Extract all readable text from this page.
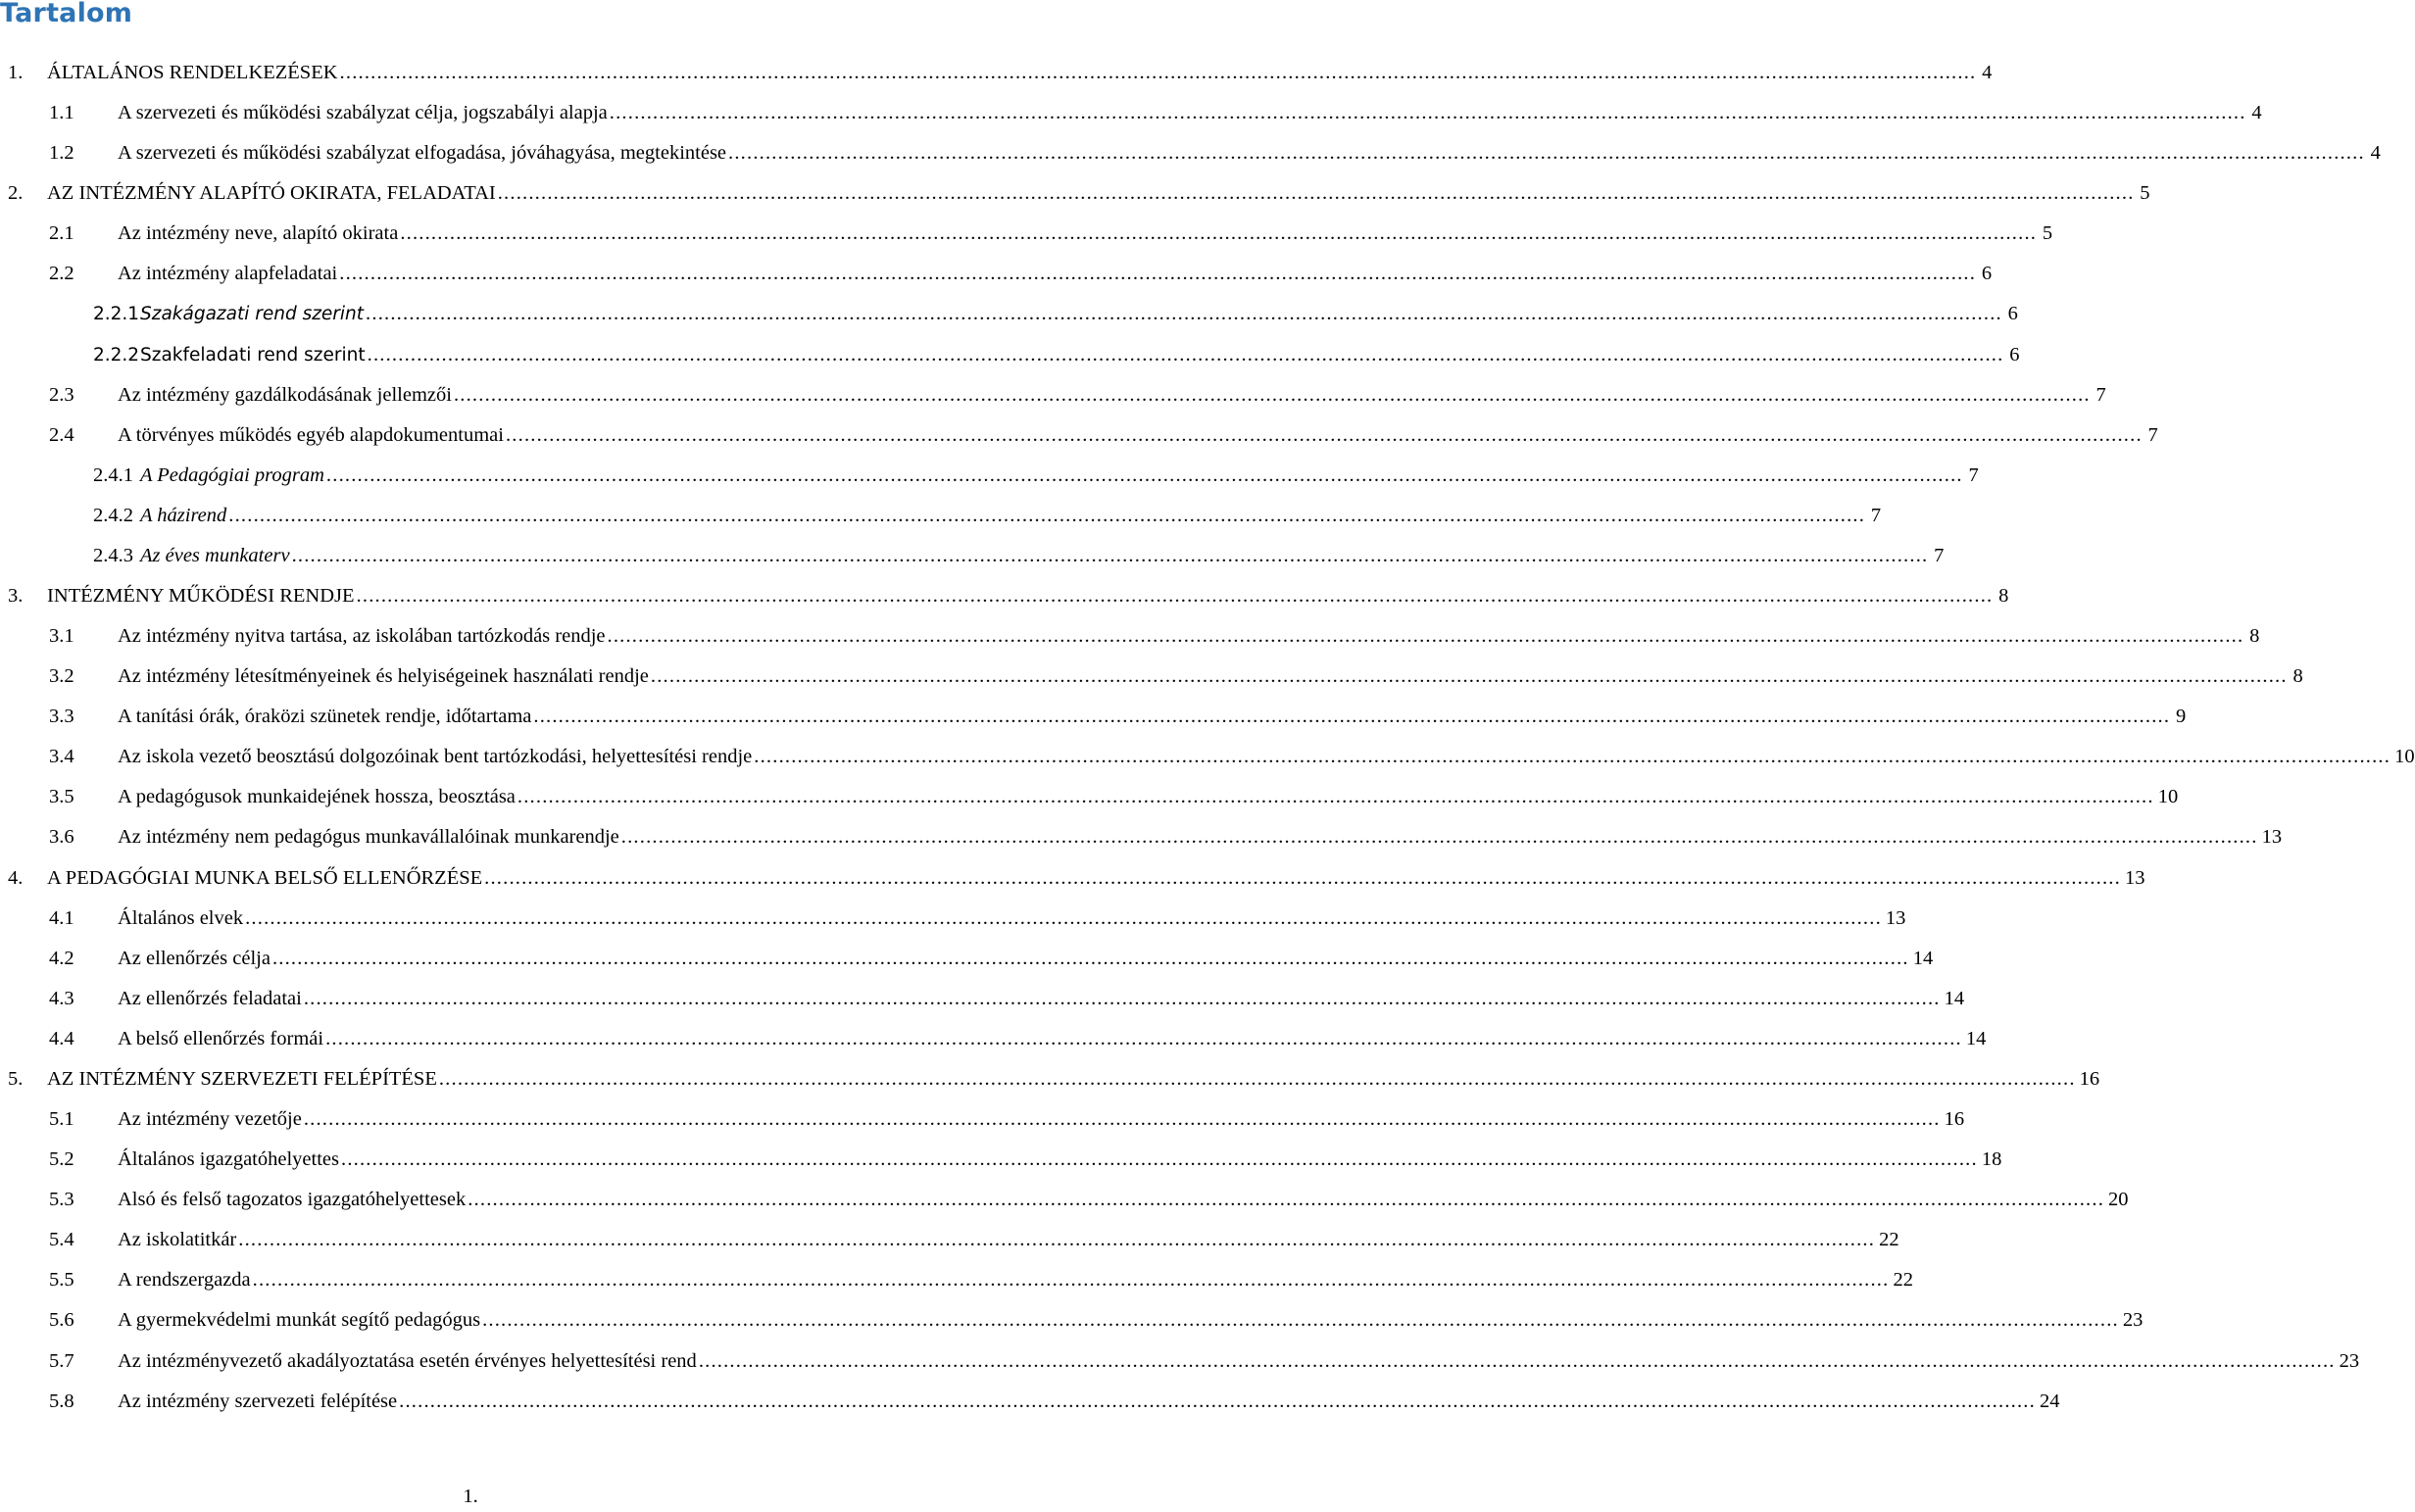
Tartalom
1. ÁLTALÁNOS RENDELKEZÉSEK .....	4
1.1 A szervezeti és működési szabályzat célja, jogszabályi alapja .....	4
1.2 A szervezeti és működési szabályzat elfogadása, jóváhagyása, megtekintése .....	4
2. AZ INTÉZMÉNY ALAPÍTÓ OKIRATA, FELADATAI .....	5
2.1 Az intézmény neve, alapító okirata .....	5
2.2 Az intézmény alapfeladatai .....	6
2.2.1 Szakágazati rend szerint .....	6
2.2.2 Szakfeladati rend szerint .....	6
2.3 Az intézmény gazdálkodásának jellemzői .....	7
2.4 A törvényes működés egyéb alapdokumentumai .....	7
2.4.1 A Pedagógiai program .....	7
2.4.2 A házirend .....	7
2.4.3 Az éves munkaterv .....	7
3. INTÉZMÉNY MŰKÖDÉSI RENDJE .....	8
3.1 Az intézmény nyitva tartása, az iskolában tartózkodás rendje .....	8
3.2 Az intézmény létesítményeinek és helyiségeinek használati rendje .....	8
3.3 A tanítási órák, óraközi szünetek rendje, időtartama .....	9
3.4 Az iskola vezető beosztású dolgozóinak bent tartózkodási, helyettesítési rendje .....	10
3.5 A pedagógusok munkaidejének hossza, beosztása .....	10
3.6 Az intézmény nem pedagógus munkavállalóinak munkarendje .....	13
4. A PEDAGÓGIAI MUNKA BELSŐ ELLENŐRZÉSE .....	13
4.1 Általános elvek .....	13
4.2 Az ellenőrzés célja .....	14
4.3 Az ellenőrzés feladatai .....	14
4.4 A belső ellenőrzés formái .....	14
5. AZ INTÉZMÉNY SZERVEZETI FELÉPÍTÉSE .....	16
5.1 Az intézmény vezetője .....	16
5.2 Általános igazgatóhelyettes .....	18
5.3 Alsó és felső tagozatos igazgatóhelyettesek .....	20
5.4 Az iskolatitkár .....	22
5.5 A rendszergazda .....	22
5.6 A gyermekvédelmi munkát segítő pedagógus .....	23
5.7 Az intézményvezető akadályoztatása esetén érvényes helyettesítési rend .....	23
5.8 Az intézmény szervezeti felépítése .....	24
1.
